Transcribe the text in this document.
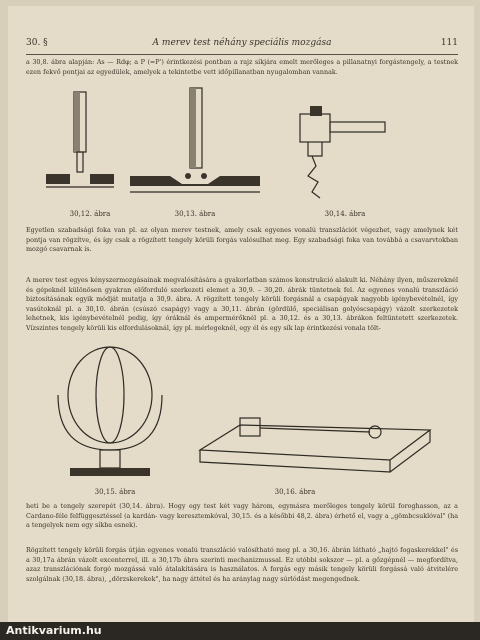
30. §	A merev test néhány speciális mozgása	111
a 30,8. ábra alapján: As — Rdφ; a P (=P') érintkezési pontban a rajz síkjára emelt merőleges a pillanatnyi forgástengely, a testnek ezen fekvő pontjai az egyedülek, amelyek a tekintetbe vett időpillanatban nyugalomban vannak.
30,12. ábra	30,13. ábra	30,14. ábra
Egyetlen szabadsági foka van pl. az olyan merev testnek, amely csak egyenes vonalú transzlációt végezhet, vagy amelynek két pontja van rögzítve, és így csak a rögzített tengely körüli forgás valósulhat meg. Egy szabadsági foka van továbbá a csavarvtokban mozgó csavarnak is.
A merev test egyes kényszermozgásainak megvalósítására a gyakorlatban számos konstrukció alakult ki. Néhány ilyen, műszereknél és gépeknél különösen gyakran előforduló szerkezeti elemet a 30,9. – 30,20. ábrák tüntetnek fel. Az egyenes vonalú transzláció biztosításának egyik módját mutatja a 30,9. ábra. A rögzített tengely körüli forgásnál a csapágyak nagyobb igénybevételnél, így vasútoknál pl. a 30,10. ábrán (csúszó csapágy) vagy a 30,11. ábrán (gördülő, speciálisan golyóscsapágy) vázolt szerkezetek lehetnek, kis igénybevételnél pedig, így óráknál és ampermérőknél pl. a 30,12. és a 30,13. ábrákon feltüntetett szerkezetek. Vízszintes tengely körüli kis elfordulásoknál, így pl. mérlegeknél, egy él és egy sík lap érintkezési vonala tölt-
30,15. ábra	30,16. ábra
heti be a tengely szerepét (30,14. ábra). Hogy egy test két vagy három, egymásra merőleges tengely körül foroghasson, az a Cardano-féle felfüggesztéssel (a kardán- vagy keresztemkóval, 30,15. és a későbbi 48,2. ábra) érhető el, vagy a „gömbcsuklóval" (ha a tengelyek nem egy síkba esnek).
Rögzített tengely körüli forgás útján egyenes vonalú transzláció valósítható meg pl. a 30,16. ábrán látható „hajtó fogaskerekkel" és a 30,17a ábrán vázolt excenterrel, ill. a 30,17b ábra szerinti mechanizmussal. Ez utóbbi sokszor — pl. a gőzgépnél — megfordítva, azaz transzlációnak forgó mozgássá való átalakítására is használatos. A forgás egy másik tengely körüli forgássá való átvitelére szolgálnak (30,18. ábra), „dörzskerekek", ha nagy áttétel és ha aránylag nagy súrlódást megengednek.
Antikvarium.hu
